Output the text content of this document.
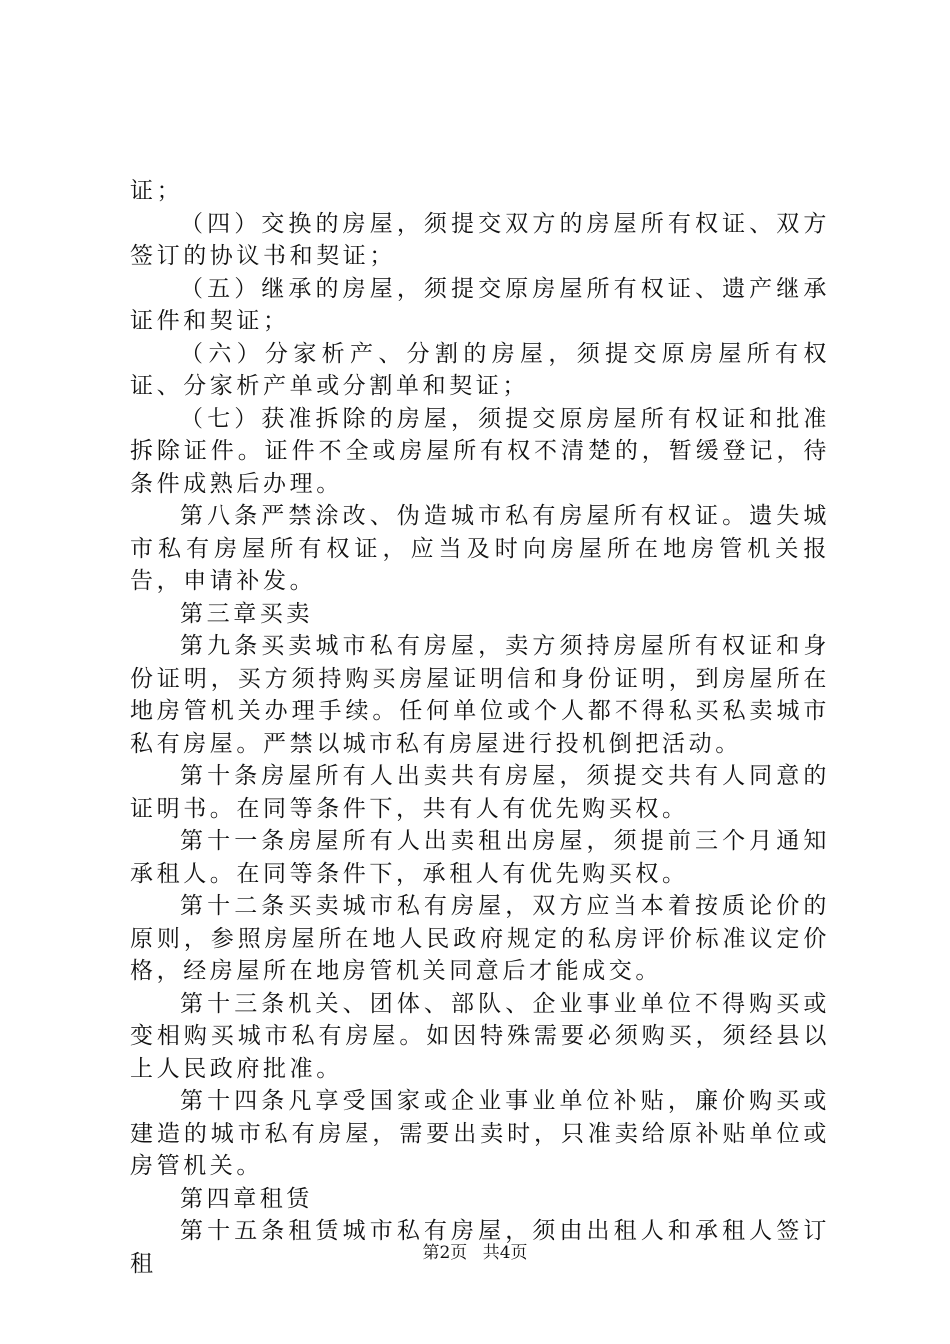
证；

（四）交换的房屋，须提交双方的房屋所有权证、双方签订的协议书和契证；

（五）继承的房屋，须提交原房屋所有权证、遗产继承证件和契证；

（六）分家析产、分割的房屋，须提交原房屋所有权证、分家析产单或分割单和契证；

（七）获准拆除的房屋，须提交原房屋所有权证和批准拆除证件。证件不全或房屋所有权不清楚的，暂缓登记，待条件成熟后办理。

第八条严禁涂改、伪造城市私有房屋所有权证。遗失城市私有房屋所有权证，应当及时向房屋所在地房管机关报告，申请补发。

第三章买卖

第九条买卖城市私有房屋，卖方须持房屋所有权证和身份证明，买方须持购买房屋证明信和身份证明，到房屋所在地房管机关办理手续。任何单位或个人都不得私买私卖城市私有房屋。严禁以城市私有房屋进行投机倒把活动。

第十条房屋所有人出卖共有房屋，须提交共有人同意的证明书。在同等条件下，共有人有优先购买权。

第十一条房屋所有人出卖租出房屋，须提前三个月通知承租人。在同等条件下，承租人有优先购买权。

第十二条买卖城市私有房屋，双方应当本着按质论价的原则，参照房屋所在地人民政府规定的私房评价标准议定价格，经房屋所在地房管机关同意后才能成交。

第十三条机关、团体、部队、企业事业单位不得购买或变相购买城市私有房屋。如因特殊需要必须购买，须经县以上人民政府批准。

第十四条凡享受国家或企业事业单位补贴，廉价购买或建造的城市私有房屋，需要出卖时，只准卖给原补贴单位或房管机关。

第四章租赁

第十五条租赁城市私有房屋，须由出租人和承租人签订租	第2页 共4页
